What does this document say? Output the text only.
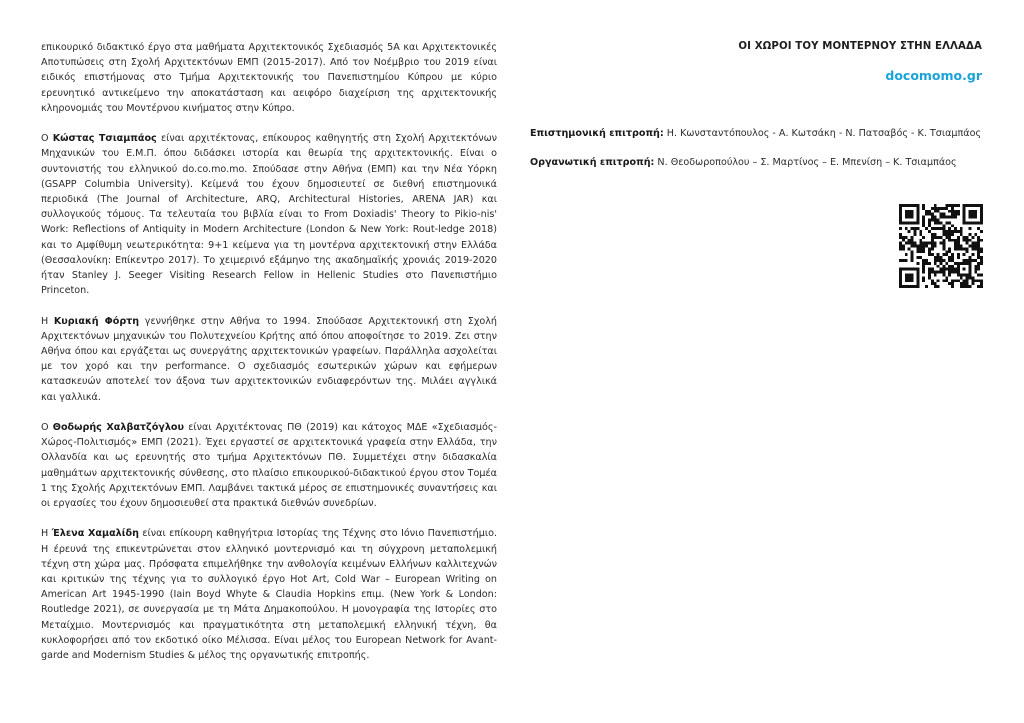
επικουρικό διδακτικό έργο στα μαθήματα Αρχιτεκτονικός Σχεδιασμός 5Α και Αρχιτεκτονικές Αποτυπώσεις στη Σχολή Αρχιτεκτόνων ΕΜΠ (2015-2017). Από τον Νοέμβριο του 2019 είναι ειδικός επιστήμονας στο Τμήμα Αρχιτεκτονικής του Πανεπιστημίου Κύπρου με κύριο ερευνητικό αντικείμενο την αποκατάσταση και αειφόρο διαχείριση της αρχιτεκτονικής κληρονομιάς του Μοντέρνου κινήματος στην Κύπρο.

Ο Κώστας Τσιαμπάος είναι αρχιτέκτονας, επίκουρος καθηγητής στη Σχολή Αρχιτεκτόνων Μηχανικών του Ε.Μ.Π. όπου διδάσκει ιστορία και θεωρία της αρχιτεκτονικής. Είναι ο συντονιστής του ελληνικού do.co.mo.mo. Σπούδασε στην Αθήνα (ΕΜΠ) και την Νέα Υόρκη (GSAPP Columbia University). Κείμενά του έχουν δημοσιευτεί σε διεθνή επιστημονικά περιοδικά (The Journal of Architecture, ARQ, Architectural Histories, ARENA JAR) και συλλογικούς τόμους. Τα τελευταία του βιβλία είναι το From Doxiadis' Theory to Pikio-nis' Work: Reflections of Antiquity in Modern Architecture (London & New York: Rout-ledge 2018) και το Αμφίθυμη νεωτερικότητα: 9+1 κείμενα για τη μοντέρνα αρχιτεκτονική στην Ελλάδα (Θεσσαλονίκη: Επίκεντρο 2017). Το χειμερινό εξάμηνο της ακαδημαϊκής χρονιάς 2019-2020 ήταν Stanley J. Seeger Visiting Research Fellow in Hellenic Studies στο Πανεπιστήμιο Princeton.

Η Κυριακή Φόρτη γεννήθηκε στην Αθήνα το 1994. Σπούδασε Αρχιτεκτονική στη Σχολή Αρχιτεκτόνων μηχανικών του Πολυτεχνείου Κρήτης από όπου αποφοίτησε το 2019. Ζει στην Αθήνα όπου και εργάζεται ως συνεργάτης αρχιτεκτονικών γραφείων. Παράλληλα ασχολείται με τον χορό και την performance. Ο σχεδιασμός εσωτερικών χώρων και εφήμερων κατασκευών αποτελεί τον άξονα των αρχιτεκτονικών ενδιαφερόντων της. Μιλάει αγγλικά και γαλλικά.

Ο Θοδωρής Χαλβατζόγλου είναι Αρχιτέκτονας ΠΘ (2019) και κάτοχος ΜΔΕ «Σχεδιασμός-Χώρος-Πολιτισμός» ΕΜΠ (2021). Έχει εργαστεί σε αρχιτεκτονικά γραφεία στην Ελλάδα, την Ολλανδία και ως ερευνητής στο τμήμα Αρχιτεκτόνων ΠΘ. Συμμετέχει στην διδασκαλία μαθημάτων αρχιτεκτονικής σύνθεσης, στο πλαίσιο επικουρικού-διδακτικού έργου στον Τομέα 1 της Σχολής Αρχιτεκτόνων ΕΜΠ. Λαμβάνει τακτικά μέρος σε επιστημονικές συναντήσεις και οι εργασίες του έχουν δημοσιευθεί στα πρακτικά διεθνών συνεδρίων.

Η Έλενα Χαμαλίδη είναι επίκουρη καθηγήτρια Ιστορίας της Τέχνης στο Ιόνιο Πανεπιστήμιο. Η έρευνά της επικεντρώνεται στον ελληνικό μοντερνισμό και τη σύγχρονη μεταπολεμική τέχνη στη χώρα μας. Πρόσφατα επιμελήθηκε την ανθολογία κειμένων Ελλήνων καλλιτεχνών και κριτικών της τέχνης για το συλλογικό έργο Hot Art, Cold War – European Writing on American Art 1945-1990 (Iain Boyd Whyte & Claudia Hopkins επιμ. (New York & London: Routledge 2021), σε συνεργασία με τη Μάτα Δημακοπούλου. Η μονογραφία της Ιστορίες στο Μεταίχμιο. Μοντερνισμός και πραγματικότητα στη μεταπολεμική ελληνική τέχνη, θα κυκλοφορήσει από τον εκδοτικό οίκο Μέλισσα. Είναι μέλος του European Network for Avant-garde and Modernism Studies & μέλος της οργανωτικής επιτροπής.

ΟΙ ΧΩΡΟΙ ΤΟΥ ΜΟΝΤΕΡΝΟΥ ΣΤΗΝ ΕΛΛΑΔΑ
docomomo.gr
Επιστημονική επιτροπή: Η. Κωνσταντόπουλος - Α. Κωτσάκη - Ν. Πατσαβός - Κ. Τσιαμπάος
Οργανωτική επιτροπή: Ν. Θεοδωροπούλου – Σ. Μαρτίνος – Ε. Μπενίση – Κ. Τσιαμπάος
